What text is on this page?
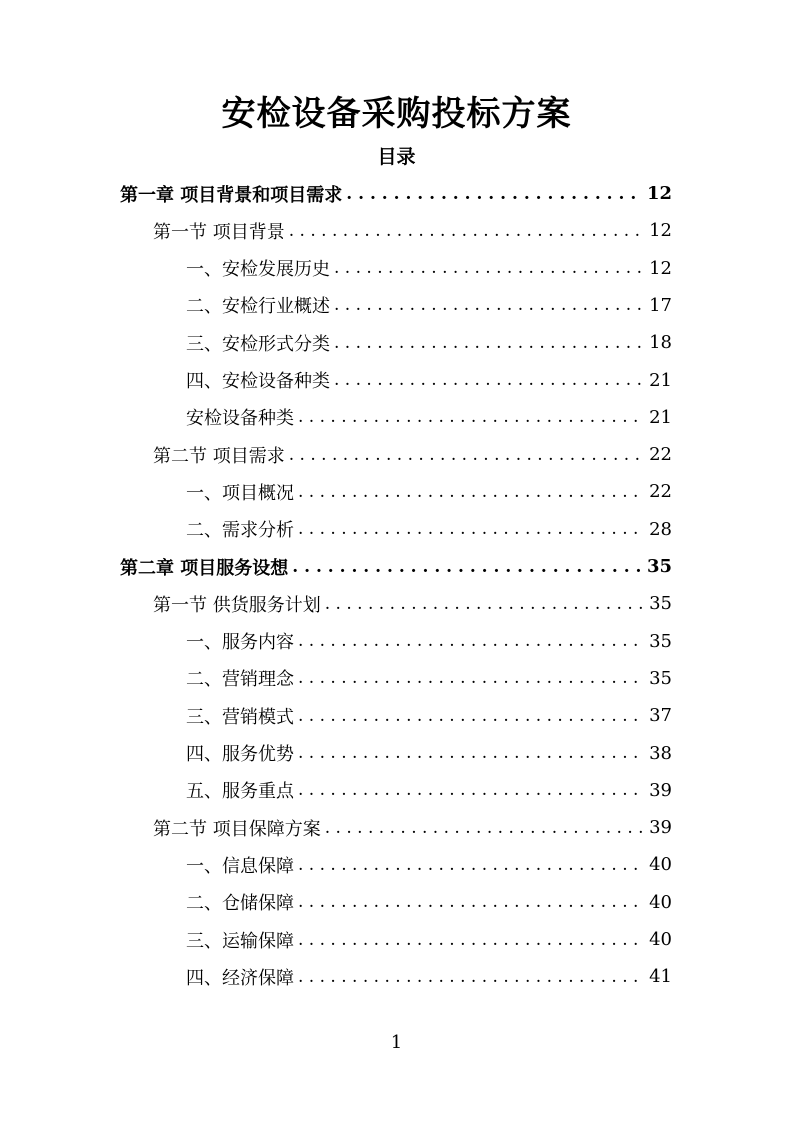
安检设备采购投标方案
目录
第一章 项目背景和项目需求 . . .	12
第一节 项目背景 . . .	12
一、安检发展历史 . . .	12
二、安检行业概述 . . .	17
三、安检形式分类 . . .	18
四、安检设备种类 . . .	21
安检设备种类 . . .	21
第二节 项目需求 . . .	22
一、项目概况 . . .	22
二、需求分析 . . .	28
第二章 项目服务设想 . . .	35
第一节 供货服务计划 . . .	35
一、服务内容 . . .	35
二、营销理念 . . .	35
三、营销模式 . . .	37
四、服务优势 . . .	38
五、服务重点 . . .	39
第二节 项目保障方案 . . .	39
一、信息保障 . . .	40
二、仓储保障 . . .	40
三、运输保障 . . .	40
四、经济保障 . . .	41
1
